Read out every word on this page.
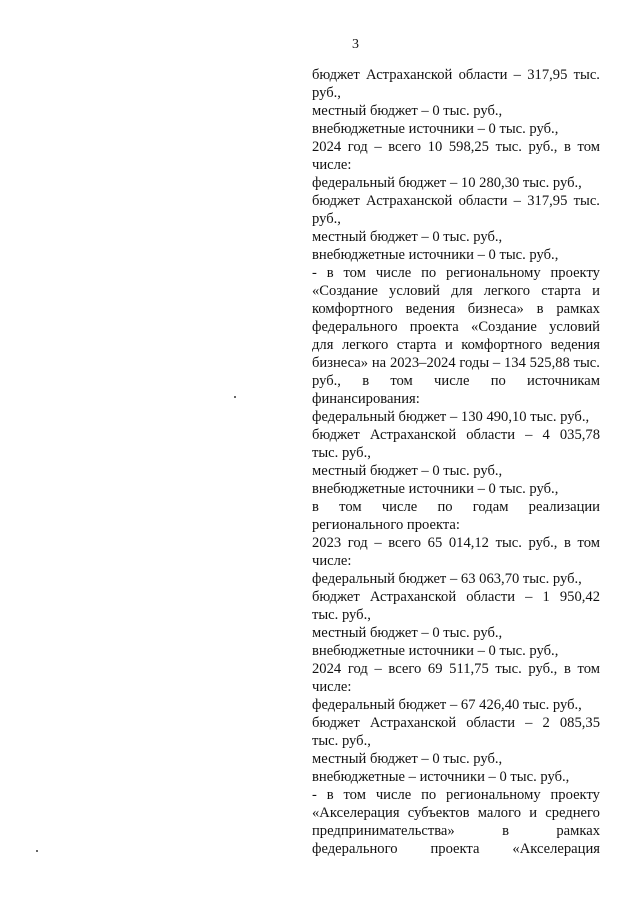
3
бюджет Астраханской области – 317,95 тыс.
руб.,
местный бюджет – 0 тыс. руб.,
внебюджетные источники – 0 тыс. руб.,
2024 год – всего 10 598,25 тыс. руб., в том
числе:
федеральный бюджет – 10 280,30 тыс. руб.,
бюджет Астраханской области – 317,95 тыс.
руб.,
местный бюджет – 0 тыс. руб.,
внебюджетные источники – 0 тыс. руб.,
- в том числе по региональному проекту
«Создание условий для легкого старта и
комфортного ведения бизнеса» в рамках
федерального проекта «Создание условий
для легкого старта и комфортного ведения
бизнеса» на 2023–2024 годы – 134 525,88 тыс.
руб., в том числе по источникам
финансирования:
федеральный бюджет – 130 490,10 тыс. руб.,
бюджет Астраханской области – 4 035,78
тыс. руб.,
местный бюджет – 0 тыс. руб.,
внебюджетные источники – 0 тыс. руб.,
в том числе по годам реализации
регионального проекта:
2023 год – всего 65 014,12 тыс. руб., в том
числе:
федеральный бюджет – 63 063,70 тыс. руб.,
бюджет Астраханской области – 1 950,42
тыс. руб.,
местный бюджет – 0 тыс. руб.,
внебюджетные источники – 0 тыс. руб.,
2024 год – всего 69 511,75 тыс. руб., в том
числе:
федеральный бюджет – 67 426,40 тыс. руб.,
бюджет Астраханской области – 2 085,35
тыс. руб.,
местный бюджет – 0 тыс. руб.,
внебюджетные – источники – 0 тыс. руб.,
- в том числе по региональному проекту
«Акселерация субъектов малого и среднего
предпринимательства»	в	рамках
федерального проекта «Акселерация
